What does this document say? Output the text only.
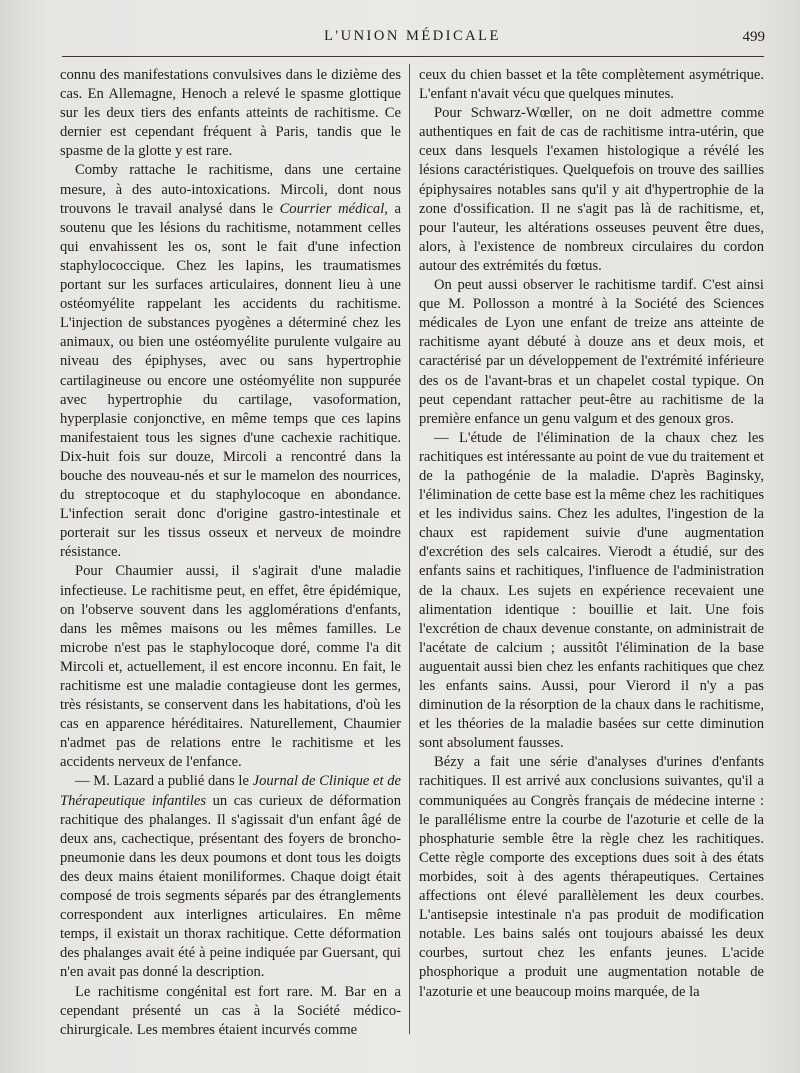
L'UNION MÉDICALE	499

connu des manifestations convulsives dans le dizième des cas. En Allemagne, Henoch a relevé le spasme glottique sur les deux tiers des enfants atteints de rachitisme. Ce dernier est cependant fréquent à Paris, tandis que le spasme de la glotte y est rare.

Comby rattache le rachitisme, dans une certaine mesure, à des auto-intoxications. Mircoli, dont nous trouvons le travail analysé dans le Courrier médical, a soutenu que les lésions du rachitisme, notamment celles qui envahissent les os, sont le fait d'une infection staphylococcique. Chez les lapins, les traumatismes portant sur les surfaces articulaires, donnent lieu à une ostéomyélite rappelant les accidents du rachitisme. L'injection de substances pyogènes a déterminé chez les animaux, ou bien une ostéomyélite purulente vulgaire au niveau des épiphyses, avec ou sans hypertrophie cartilagineuse ou encore une ostéomyélite non suppurée avec hypertrophie du cartilage, vasoformation, hyperplasie conjonctive, en même temps que ces lapins manifestaient tous les signes d'une cachexie rachitique. Dix-huit fois sur douze, Mircoli a rencontré dans la bouche des nouveau-nés et sur le mamelon des nourrices, du streptocoque et du staphylocoque en abondance. L'infection serait donc d'origine gastro-intestinale et porterait sur les tissus osseux et nerveux de moindre résistance.

Pour Chaumier aussi, il s'agirait d'une maladie infectieuse. Le rachitisme peut, en effet, être épidémique, on l'observe souvent dans les agglomérations d'enfants, dans les mêmes maisons ou les mêmes familles. Le microbe n'est pas le staphylocoque doré, comme l'a dit Mircoli et, actuellement, il est encore inconnu. En fait, le rachitisme est une maladie contagieuse dont les germes, très résistants, se conservent dans les habitations, d'où les cas en apparence héréditaires. Naturellement, Chaumier n'admet pas de relations entre le rachitisme et les accidents nerveux de l'enfance.

— M. Lazard a publié dans le Journal de Clinique et de Thérapeutique infantiles un cas curieux de déformation rachitique des phalanges. Il s'agissait d'un enfant âgé de deux ans, cachectique, présentant des foyers de broncho-pneumonie dans les deux poumons et dont tous les doigts des deux mains étaient moniliformes. Chaque doigt était composé de trois segments séparés par des étranglements correspondent aux interlignes articulaires. En même temps, il existait un thorax rachitique. Cette déformation des phalanges avait été à peine indiquée par Guersant, qui n'en avait pas donné la description.

Le rachitisme congénital est fort rare. M. Bar en a cependant présenté un cas à la Société médico-chirurgicale. Les membres étaient incurvés comme

ceux du chien basset et la tête complètement asymétrique. L'enfant n'avait vécu que quelques minutes.

Pour Schwarz-Wœller, on ne doit admettre comme authentiques en fait de cas de rachitisme intra-utérin, que ceux dans lesquels l'examen histologique a révélé les lésions caractéristiques. Quelquefois on trouve des saillies épiphysaires notables sans qu'il y ait d'hypertrophie de la zone d'ossification. Il ne s'agit pas là de rachitisme, et, pour l'auteur, les altérations osseuses peuvent être dues, alors, à l'existence de nombreux circulaires du cordon autour des extrémités du fœtus.

On peut aussi observer le rachitisme tardif. C'est ainsi que M. Pollosson a montré à la Société des Sciences médicales de Lyon une enfant de treize ans atteinte de rachitisme ayant débuté à douze ans et deux mois, et caractérisé par un développement de l'extrémité inférieure des os de l'avant-bras et un chapelet costal typique. On peut cependant rattacher peut-être au rachitisme de la première enfance un genu valgum et des genoux gros.

— L'étude de l'élimination de la chaux chez les rachitiques est intéressante au point de vue du traitement et de la pathogénie de la maladie. D'après Baginsky, l'élimination de cette base est la même chez les rachitiques et les individus sains. Chez les adultes, l'ingestion de la chaux est rapidement suivie d'une augmentation d'excrétion des sels calcaires. Vierodt a étudié, sur des enfants sains et rachitiques, l'influence de l'administration de la chaux. Les sujets en expérience recevaient une alimentation identique : bouillie et lait. Une fois l'excrétion de chaux devenue constante, on administrait de l'acétate de calcium ; aussitôt l'élimination de la base auguentait aussi bien chez les enfants rachitiques que chez les enfants sains. Aussi, pour Vierord il n'y a pas diminution de la résorption de la chaux dans le rachitisme, et les théories de la maladie basées sur cette diminution sont absolument fausses.

Bézy a fait une série d'analyses d'urines d'enfants rachitiques. Il est arrivé aux conclusions suivantes, qu'il a communiquées au Congrès français de médecine interne : le parallélisme entre la courbe de l'azoturie et celle de la phosphaturie semble être la règle chez les rachitiques. Cette règle comporte des exceptions dues soit à des états morbides, soit à des agents thérapeutiques. Certaines affections ont élevé parallèlement les deux courbes. L'antisepsie intestinale n'a pas produit de modification notable. Les bains salés ont toujours abaissé les deux courbes, surtout chez les enfants jeunes. L'acide phosphorique a produit une augmentation notable de l'azoturie et une beaucoup moins marquée, de la
